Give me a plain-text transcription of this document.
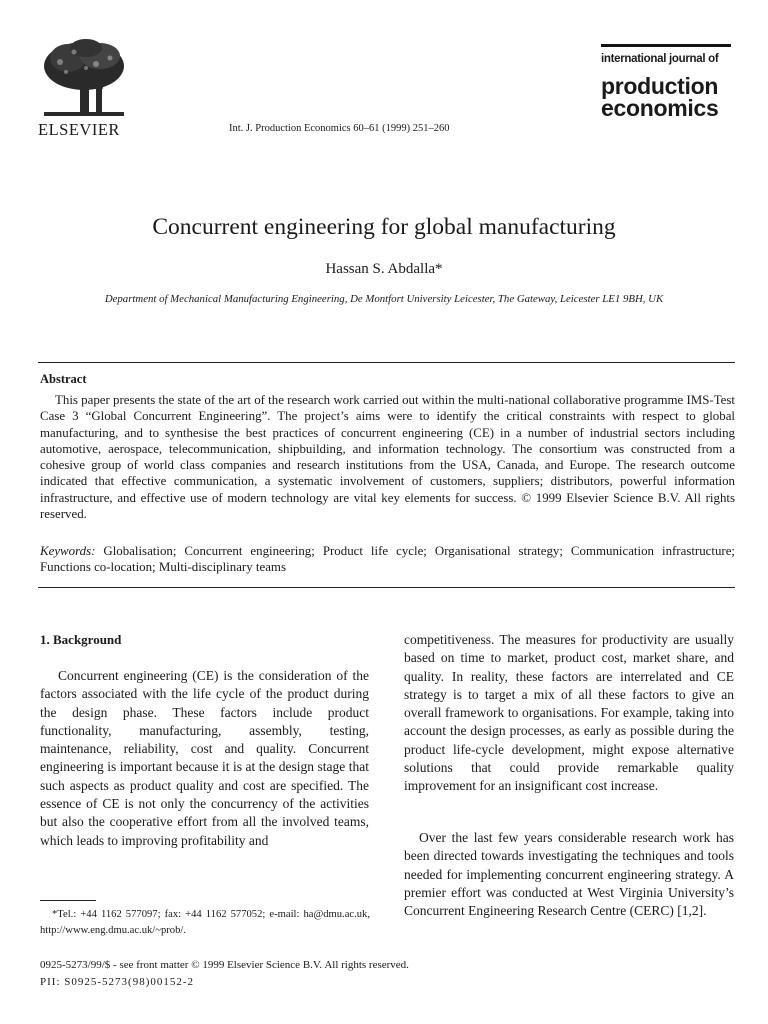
ELSEVIER	Int. J. Production Economics 60–61 (1999) 251–260
international journal of
production
economics
Concurrent engineering for global manufacturing
Hassan S. Abdalla*
Department of Mechanical Manufacturing Engineering, De Montfort University Leicester, The Gateway, Leicester LE1 9BH, UK
Abstract
This paper presents the state of the art of the research work carried out within the multi-national collaborative programme IMS-Test Case 3 “Global Concurrent Engineering”. The project’s aims were to identify the critical constraints with respect to global manufacturing, and to synthesise the best practices of concurrent engineering (CE) in a number of industrial sectors including automotive, aerospace, telecommunication, shipbuilding, and information technology. The consortium was constructed from a cohesive group of world class companies and research institutions from the USA, Canada, and Europe. The research outcome indicated that effective communication, a systematic involvement of customers, suppliers; distributors, powerful information infrastructure, and effective use of modern technology are vital key elements for success. © 1999 Elsevier Science B.V. All rights reserved.
Keywords: Globalisation; Concurrent engineering; Product life cycle; Organisational strategy; Communication infrastructure; Functions co-location; Multi-disciplinary teams
1. Background
Concurrent engineering (CE) is the consideration of the factors associated with the life cycle of the product during the design phase. These factors include product functionality, manufacturing, assembly, testing, maintenance, reliability, cost and quality. Concurrent engineering is important because it is at the design stage that such aspects as product quality and cost are specified. The essence of CE is not only the concurrency of the activities but also the cooperative effort from all the involved teams, which leads to improving profitability and
competitiveness. The measures for productivity are usually based on time to market, product cost, market share, and quality. In reality, these factors are interrelated and CE strategy is to target a mix of all these factors to give an overall framework to organisations. For example, taking into account the design processes, as early as possible during the product life-cycle development, might expose alternative solutions that could provide remarkable quality improvement for an insignificant cost increase.
Over the last few years considerable research work has been directed towards investigating the techniques and tools needed for implementing concurrent engineering strategy. A premier effort was conducted at West Virginia University’s Concurrent Engineering Research Centre (CERC) [1,2].
*Tel.: +44 1162 577097; fax: +44 1162 577052; e-mail: ha@dmu.ac.uk, http://www.eng.dmu.ac.uk/~prob/.
0925-5273/99/$ - see front matter © 1999 Elsevier Science B.V. All rights reserved.
PII: S0925-5273(98)00152-2
